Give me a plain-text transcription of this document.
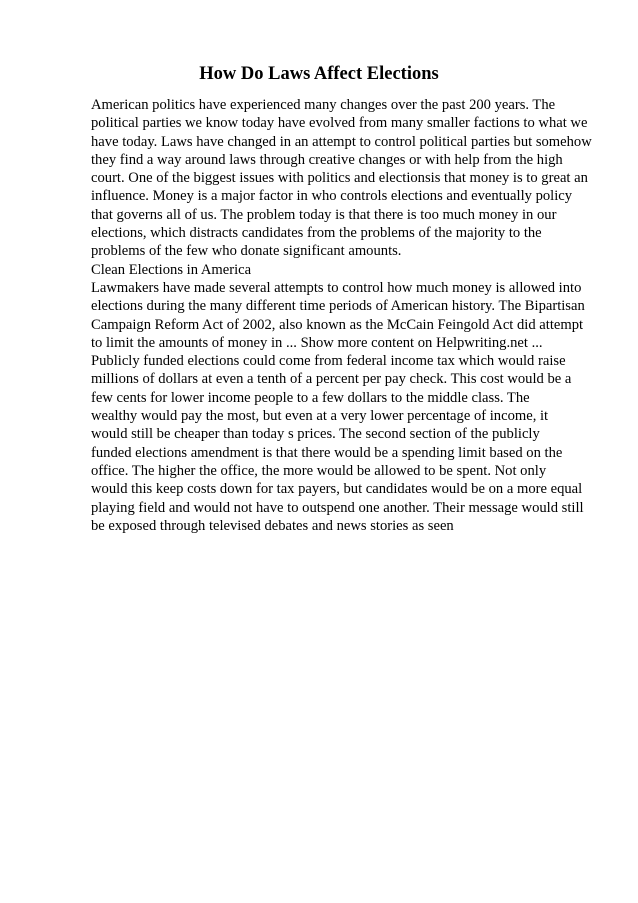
How Do Laws Affect Elections
American politics have experienced many changes over the past 200 years. The
political parties we know today have evolved from many smaller factions to what we
have today. Laws have changed in an attempt to control political parties but somehow
they find a way around laws through creative changes or with help from the high
court. One of the biggest issues with politics and electionsis that money is to great an
influence. Money is a major factor in who controls elections and eventually policy
that governs all of us. The problem today is that there is too much money in our
elections, which distracts candidates from the problems of the majority to the
problems of the few who donate significant amounts.
Clean Elections in America
Lawmakers have made several attempts to control how much money is allowed into
elections during the many different time periods of American history. The Bipartisan
Campaign Reform Act of 2002, also known as the McCain Feingold Act did attempt
to limit the amounts of money in ... Show more content on Helpwriting.net ...
Publicly funded elections could come from federal income tax which would raise
millions of dollars at even a tenth of a percent per pay check. This cost would be a
few cents for lower income people to a few dollars to the middle class. The
wealthy would pay the most, but even at a very lower percentage of income, it
would still be cheaper than today s prices. The second section of the publicly
funded elections amendment is that there would be a spending limit based on the
office. The higher the office, the more would be allowed to be spent. Not only
would this keep costs down for tax payers, but candidates would be on a more equal
playing field and would not have to outspend one another. Their message would still
be exposed through televised debates and news stories as seen
